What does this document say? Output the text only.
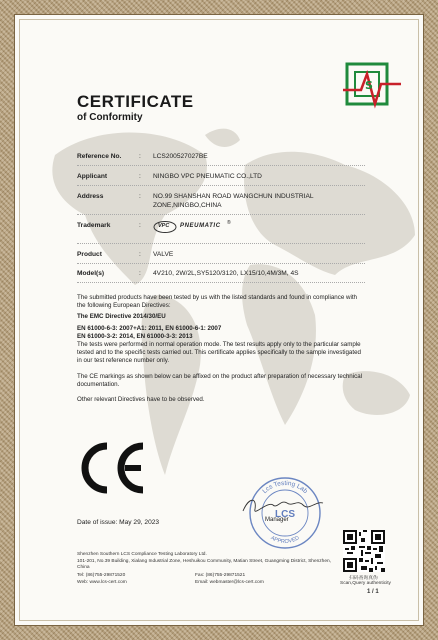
S
CERTIFICATE
of Conformity
Reference No.	: LCS200527027BE
Applicant	: NINGBO VPC PNEUMATIC CO.,LTD
Address	: NO.99 SHANSHAN ROAD WANGCHUN INDUSTRIAL
ZONE,NINGBO,CHINA
Trademark	:	VPC PNEUMATIC ®
Product	: VALVE
Model(s)	: 4V210, 2W/2L,SY5120/3120, LX15/10,4M/3M, 4S
The submitted products have been tested by us with the listed standards and found in compliance with the following European Directives:
The EMC Directive 2014/30/EU
EN 61000-6-3: 2007+A1: 2011, EN 61000-6-1: 2007
EN 61000-3-2: 2014, EN 61000-3-3: 2013
The tests were performed in normal operation mode. The test results apply only to the particular sample tested and to the specific tests carried out. This certificate applies specifically to the sample investigated in our test reference number only.
The CE markings as shown below can be affixed on the product after preparation of necessary technical documentation.
Other relevant Directives have to be observed.
Lcs Testing Lab
APPROVED
LCS
Date of issue: May 29, 2023	Manager
扫码查询真伪
Scan,Query authenticity
Shenzhen Southern LCS Compliance Testing Laboratory Ltd.
101-201, No.39 Building, Xialang Industrial Zone, Heshuikou Community, Matian Street, Guangming District, Shenzhen, China
Tel: (86)755-29871520	Fax: (86)755-29871521
Web: www.lcs-cert.com	Email: webmaster@lcs-cert.com
1 / 1
